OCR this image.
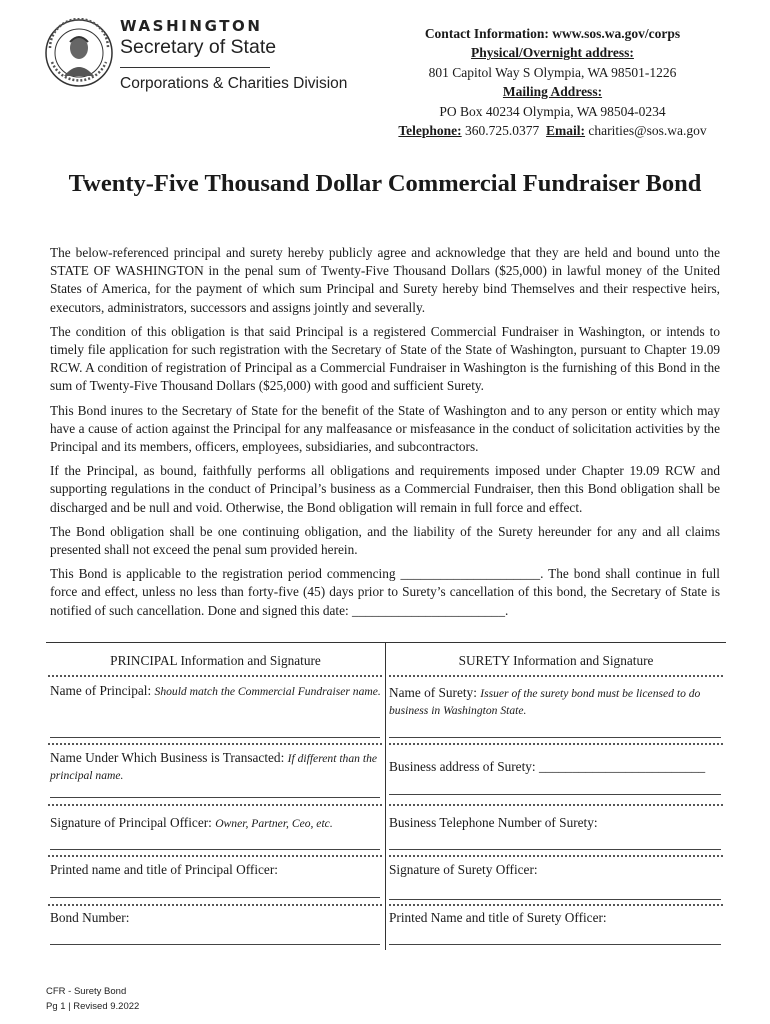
WASHINGTON
Secretary of State
Corporations & Charities Division
Contact Information: www.sos.wa.gov/corps
Physical/Overnight address:
801 Capitol Way S Olympia, WA 98501-1226
Mailing Address:
PO Box 40234 Olympia, WA 98504-0234
Telephone: 360.725.0377 Email: charities@sos.wa.gov
Twenty-Five Thousand Dollar Commercial Fundraiser Bond

The below-referenced principal and surety hereby publicly agree and acknowledge that they are held and bound unto the STATE OF WASHINGTON in the penal sum of Twenty-Five Thousand Dollars ($25,000) in lawful money of the United States of America, for the payment of which sum Principal and Surety hereby bind Themselves and their respective heirs, executors, administrators, successors and assigns jointly and severally.

The condition of this obligation is that said Principal is a registered Commercial Fundraiser in Washington, or intends to timely file application for such registration with the Secretary of State of the State of Washington, pursuant to Chapter 19.09 RCW. A condition of registration of Principal as a Commercial Fundraiser in Washington is the furnishing of this Bond in the sum of Twenty-Five Thousand Dollars ($25,000) with good and sufficient Surety.

This Bond inures to the Secretary of State for the benefit of the State of Washington and to any person or entity which may have a cause of action against the Principal for any malfeasance or misfeasance in the conduct of solicitation activities by the Principal and its members, officers, employees, subsidiaries, and subcontractors.

If the Principal, as bound, faithfully performs all obligations and requirements imposed under Chapter 19.09 RCW and supporting regulations in the conduct of Principal’s business as a Commercial Fundraiser, then this Bond obligation shall be discharged and be null and void. Otherwise, the Bond obligation will remain in full force and effect.

The Bond obligation shall be one continuing obligation, and the liability of the Surety hereunder for any and all claims presented shall not exceed the penal sum provided herein.

This Bond is applicable to the registration period commencing _____________________. The bond shall continue in full force and effect, unless no less than forty-five (45) days prior to Surety’s cancellation of this bond, the Secretary of State is notified of such cancellation. Done and signed this date: _______________________.

PRINCIPAL Information and Signature	SURETY Information and Signature
Name of Principal: Should match the Commercial Fundraiser name.
Name Under Which Business is Transacted: If different than the principal name.
Signature of Principal Officer: Owner, Partner, Ceo, etc.
Printed name and title of Principal Officer:
Bond Number:
Name of Surety: Issuer of the surety bond must be licensed to do business in Washington State.
Business address of Surety: _________________________
Business Telephone Number of Surety:
Signature of Surety Officer:
Printed Name and title of Surety Officer:
CFR - Surety Bond
Pg 1 | Revised 9.2022
